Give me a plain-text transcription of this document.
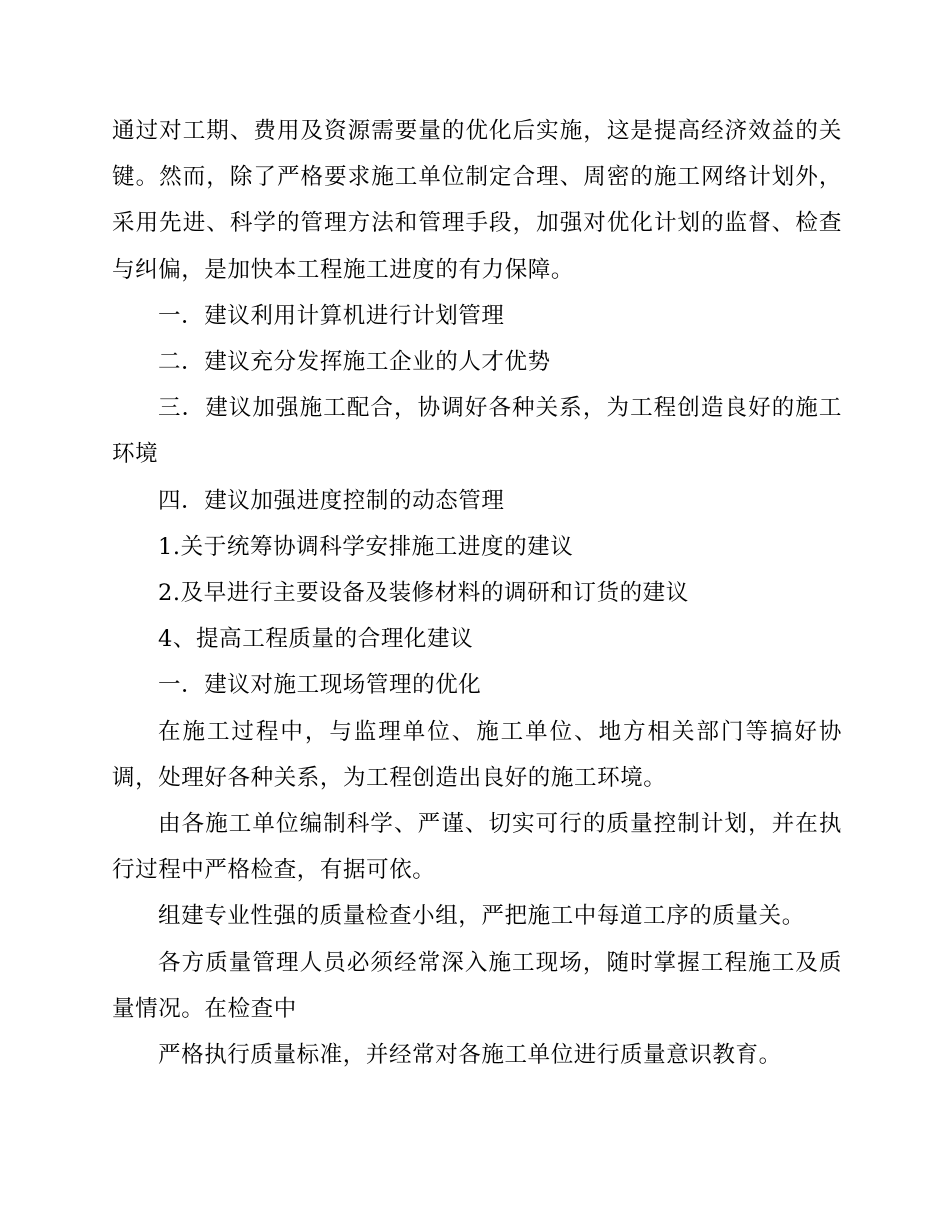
通过对工期、费用及资源需要量的优化后实施，这是提高经济效益的关键。然而，除了严格要求施工单位制定合理、周密的施工网络计划外，采用先进、科学的管理方法和管理手段，加强对优化计划的监督、检查与纠偏，是加快本工程施工进度的有力保障。

一．建议利用计算机进行计划管理

二．建议充分发挥施工企业的人才优势

三．建议加强施工配合，协调好各种关系，为工程创造良好的施工环境

四．建议加强进度控制的动态管理

1.关于统筹协调科学安排施工进度的建议

2.及早进行主要设备及装修材料的调研和订货的建议

4、提高工程质量的合理化建议

一．建议对施工现场管理的优化

在施工过程中，与监理单位、施工单位、地方相关部门等搞好协调，处理好各种关系，为工程创造出良好的施工环境。

由各施工单位编制科学、严谨、切实可行的质量控制计划，并在执行过程中严格检查，有据可依。

组建专业性强的质量检查小组，严把施工中每道工序的质量关。

各方质量管理人员必须经常深入施工现场，随时掌握工程施工及质量情况。在检查中

严格执行质量标准，并经常对各施工单位进行质量意识教育。
